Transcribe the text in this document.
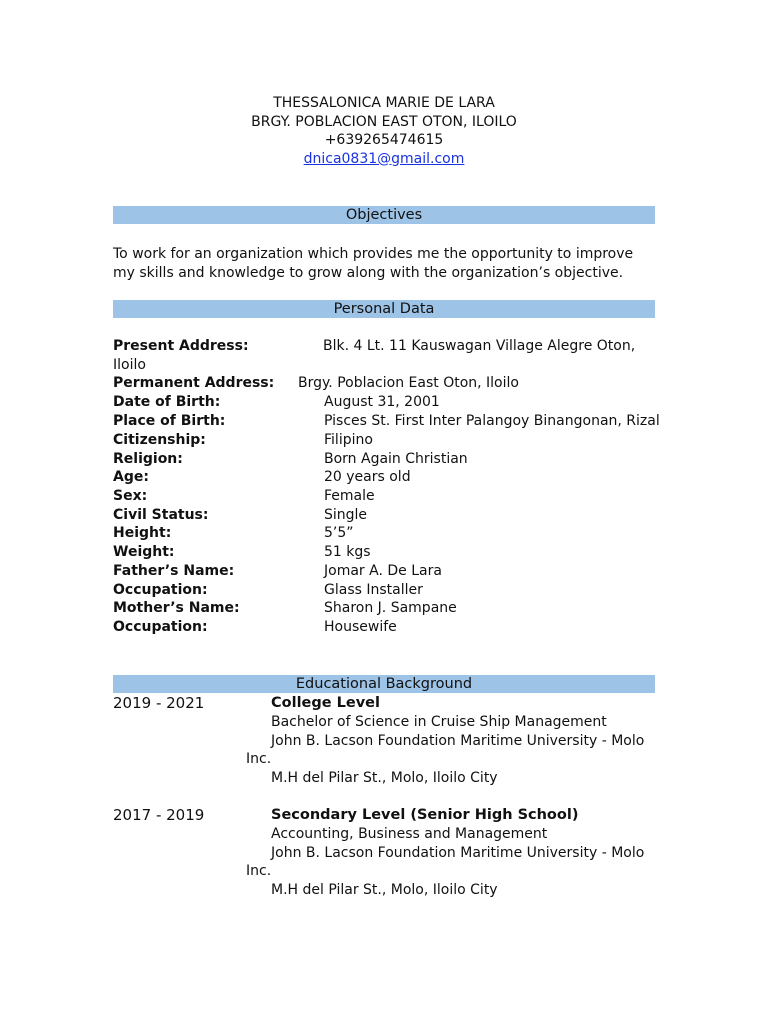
THESSALONICA MARIE DE LARA
BRGY. POBLACION EAST OTON, ILOILO
+639265474615
dnica0831@gmail.com
Objectives
To work for an organization which provides me the opportunity to improve my skills and knowledge to grow along with the organization’s objective.
Personal Data
Present Address:	Blk. 4 Lt. 11 Kauswagan Village Alegre Oton,
Iloilo
Permanent Address: Brgy. Poblacion East Oton, Iloilo
Date of Birth:	August 31, 2001
Place of Birth:	Pisces St. First Inter Palangoy Binangonan, Rizal
Citizenship:	Filipino
Religion:	Born Again Christian
Age:	20 years old
Sex:	Female
Civil Status:	Single
Height:	5’5”
Weight:	51 kgs
Father’s Name:	Jomar A. De Lara
Occupation:	Glass Installer
Mother’s Name:	Sharon J. Sampane
Occupation:	Housewife
Educational Background
2019 - 2021	College Level
Bachelor of Science in Cruise Ship Management
John B. Lacson Foundation Maritime University - Molo
Inc.
M.H del Pilar St., Molo, Iloilo City
2017 - 2019	Secondary Level (Senior High School)
Accounting, Business and Management
John B. Lacson Foundation Maritime University - Molo
Inc.
M.H del Pilar St., Molo, Iloilo City
